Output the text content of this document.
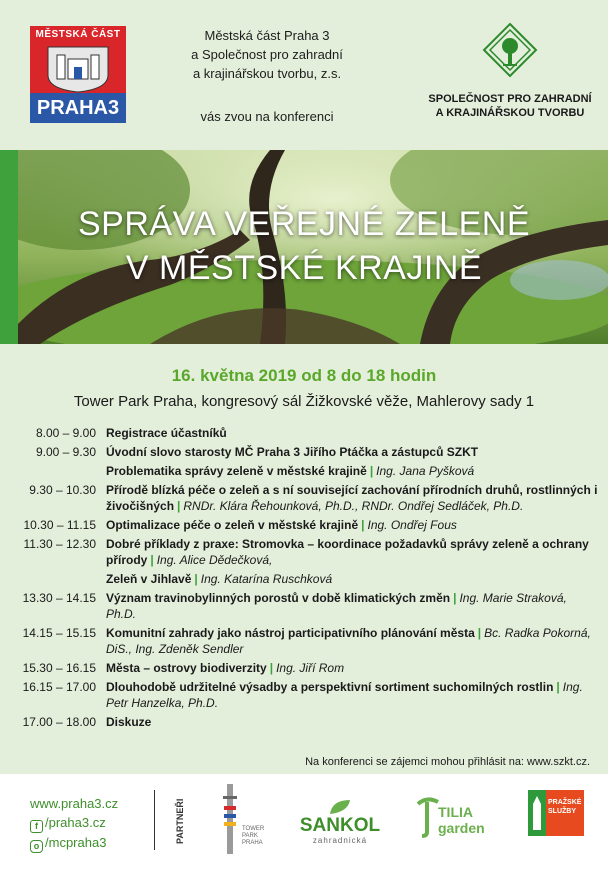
MĚSTSKÁ ČÁST
PRAHA3
Městská část Praha 3
a Společnost pro zahradní
a krajinářskou tvorbu, z.s.
vás zvou na konferenci
SPOLEČNOST PRO ZAHRADNÍ
A KRAJINÁŘSKOU TVORBU
SPRÁVA VEŘEJNÉ ZELENĚ
V MĚSTSKÉ KRAJINĚ
16. května 2019 od 8 do 18 hodin
Tower Park Praha, kongresový sál Žižkovské věže, Mahlerovy sady 1
8.00 – 9.00 Registrace účastníků
9.00 – 9.30 Úvodní slovo starosty MČ Praha 3 Jiřího Ptáčka a zástupců SZKT
Problematika správy zeleně v městské krajině | Ing. Jana Pyšková
9.30 – 10.30 Přírodě blízká péče o zeleň a s ní související zachování přírodních druhů, rostlinných i živočišných | RNDr. Klára Řehounková, Ph.D., RNDr. Ondřej Sedláček, Ph.D.
10.30 – 11.15 Optimalizace péče o zeleň v městské krajině | Ing. Ondřej Fous
11.30 – 12.30 Dobré příklady z praxe: Stromovka – koordinace požadavků správy zeleně a ochrany přírody | Ing. Alice Dědečková,
Zeleň v Jihlavě | Ing. Katarína Ruschková
13.30 – 14.15 Význam travinobylinných porostů v době klimatických změn | Ing. Marie Straková, Ph.D.
14.15 – 15.15 Komunitní zahrady jako nástroj participativního plánování města | Bc. Radka Pokorná, DiS., Ing. Zdeněk Sendler
15.30 – 16.15 Města – ostrovy biodiverzity | Ing. Jiří Rom
16.15 – 17.00 Dlouhodobě udržitelné výsadby a perspektivní sortiment suchomilných rostlin | Ing. Petr Hanzelka, Ph.D.
17.00 – 18.00 Diskuze
Na konferenci se zájemci mohou přihlásit na: www.szkt.cz.
www.praha3.cz
f /praha3.cz
o /mcpraha3	PARTNEŘI	TOWER PARK PRAHA
SANKOL
zahradnická
TILIA garden
PRAŽSKÉ SLUŽBY
